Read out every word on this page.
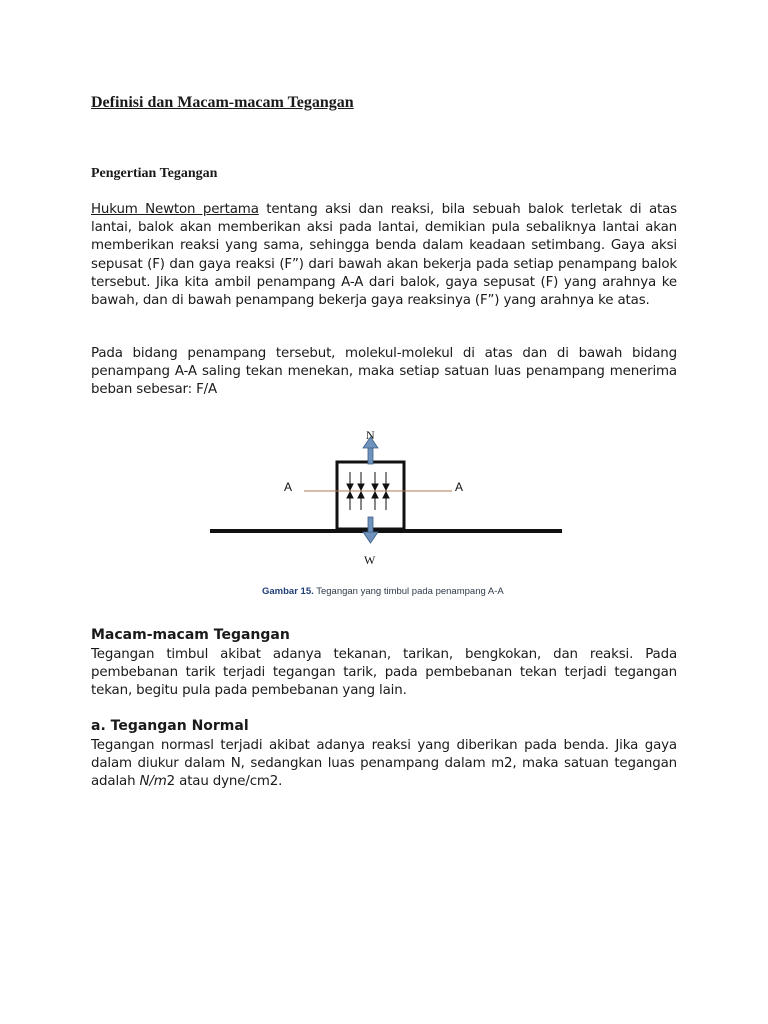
Definisi dan Macam-macam Tegangan
Pengertian Tegangan

Hukum Newton pertama tentang aksi dan reaksi, bila sebuah balok terletak di atas lantai, balok akan memberikan aksi pada lantai, demikian pula sebaliknya lantai akan memberikan reaksi yang sama, sehingga benda dalam keadaan setimbang. Gaya aksi sepusat (F) dan gaya reaksi (F”) dari bawah akan bekerja pada setiap penampang balok tersebut. Jika kita ambil penampang A-A dari balok, gaya sepusat (F) yang arahnya ke bawah, dan di bawah penampang bekerja gaya reaksinya (F”) yang arahnya ke atas.

Pada bidang penampang tersebut, molekul-molekul di atas dan di bawah bidang penampang A-A saling tekan menekan, maka setiap satuan luas penampang menerima beban sebesar: F/A

N
W
A	A

Gambar 15. Tegangan yang timbul pada penampang A-A

Macam-macam Tegangan

Tegangan timbul akibat adanya tekanan, tarikan, bengkokan, dan reaksi. Pada pembebanan tarik terjadi tegangan tarik, pada pembebanan tekan terjadi tegangan tekan, begitu pula pada pembebanan yang lain.

a. Tegangan Normal

Tegangan normasl terjadi akibat adanya reaksi yang diberikan pada benda. Jika gaya dalam diukur dalam N, sedangkan luas penampang dalam m2, maka satuan tegangan adalah N/m2 atau dyne/cm2.
